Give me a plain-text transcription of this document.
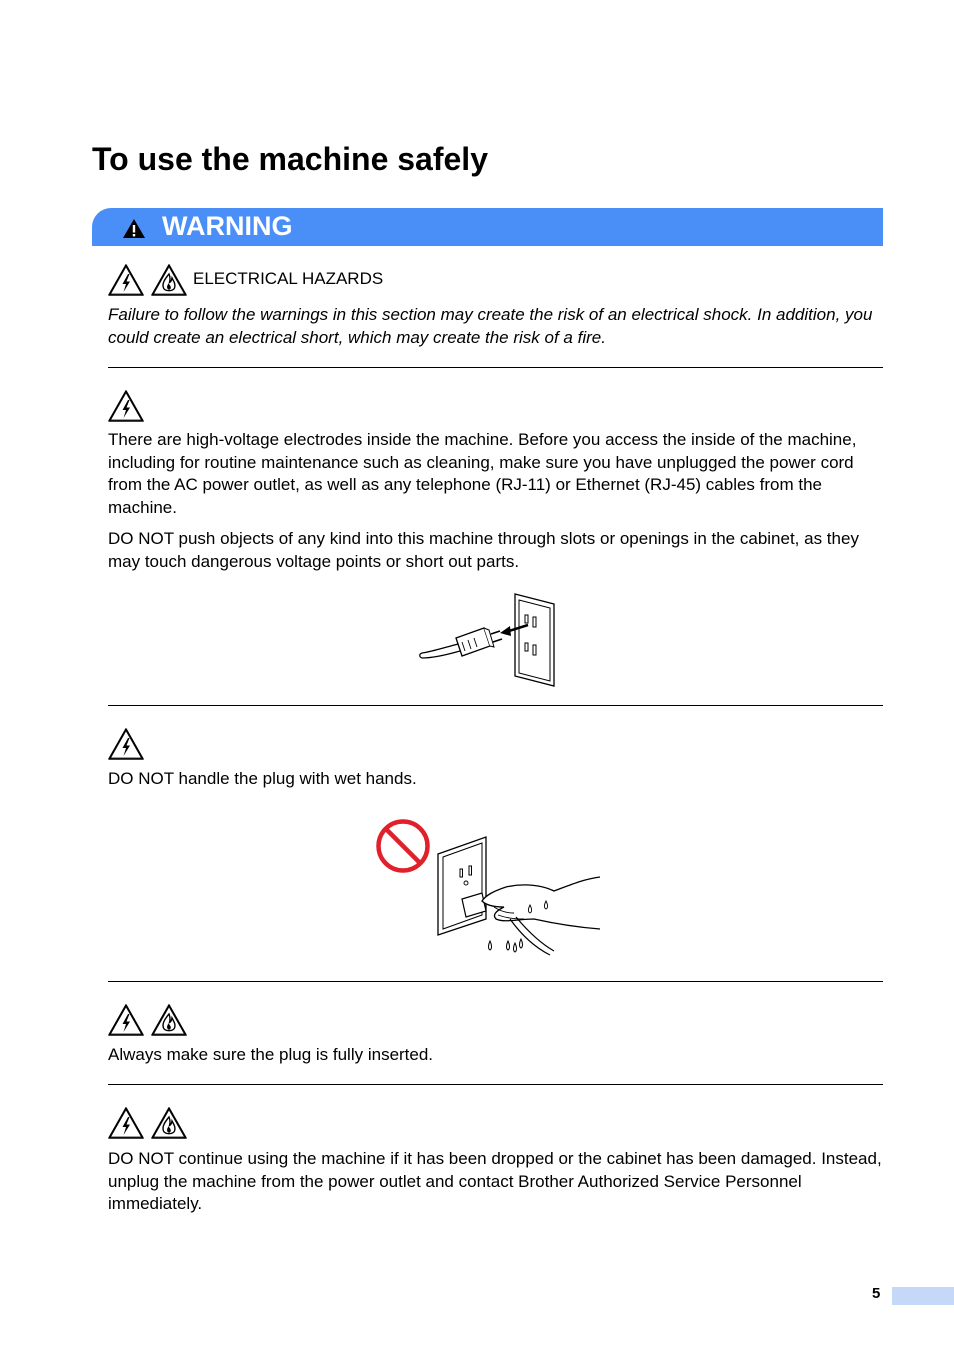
To use the machine safely
WARNING
ELECTRICAL HAZARDS

Failure to follow the warnings in this section may create the risk of an electrical shock. In addition, you could create an electrical short, which may create the risk of a fire.

There are high-voltage electrodes inside the machine. Before you access the inside of the machine, including for routine maintenance such as cleaning, make sure you have unplugged the power cord from the AC power outlet, as well as any telephone (RJ-11) or Ethernet (RJ-45) cables from the machine.

DO NOT push objects of any kind into this machine through slots or openings in the cabinet, as they may touch dangerous voltage points or short out parts.

DO NOT handle the plug with wet hands.

Always make sure the plug is fully inserted.

DO NOT continue using the machine if it has been dropped or the cabinet has been damaged. Instead, unplug the machine from the power outlet and contact Brother Authorized Service Personnel immediately.

5
